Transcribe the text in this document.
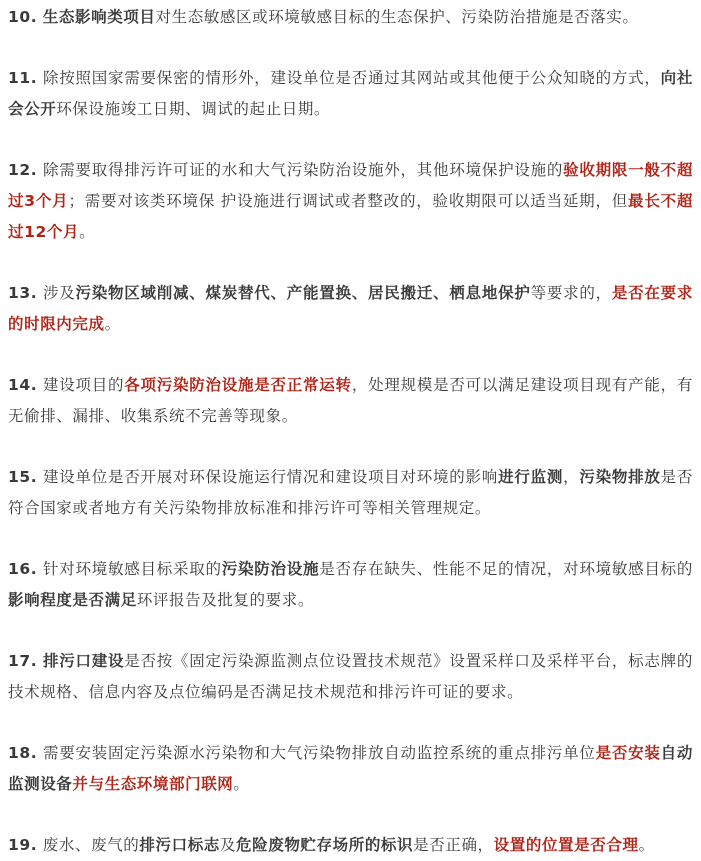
10. 生态影响类项目对生态敏感区或环境敏感目标的生态保护、污染防治措施是否落实。

11. 除按照国家需要保密的情形外，建设单位是否通过其网站或其他便于公众知晓的方式，向社会公开环保设施竣工日期、调试的起止日期。

12. 除需要取得排污许可证的水和大气污染防治设施外，其他环境保护设施的验收期限一般不超过3个月；需要对该类环境保 护设施进行调试或者整改的，验收期限可以适当延期，但最长不超过12个月。

13. 涉及污染物区域削减、煤炭替代、产能置换、居民搬迁、栖息地保护等要求的，是否在要求的时限内完成。

14. 建设项目的各项污染防治设施是否正常运转，处理规模是否可以满足建设项目现有产能，有无偷排、漏排、收集系统不完善等现象。

15. 建设单位是否开展对环保设施运行情况和建设项目对环境的影响进行监测，污染物排放是否符合国家或者地方有关污染物排放标准和排污许可等相关管理规定。

16. 针对环境敏感目标采取的污染防治设施是否存在缺失、性能不足的情况，对环境敏感目标的影响程度是否满足环评报告及批复的要求。

17. 排污口建设是否按《固定污染源监测点位设置技术规范》设置采样口及采样平台，标志牌的技术规格、信息内容及点位编码是否满足技术规范和排污许可证的要求。

18. 需要安装固定污染源水污染物和大气污染物排放自动监控系统的重点排污单位是否安装自动监测设备并与生态环境部门联网。

19. 废水、废气的排污口标志及危险废物贮存场所的标识是否正确，设置的位置是否合理。
